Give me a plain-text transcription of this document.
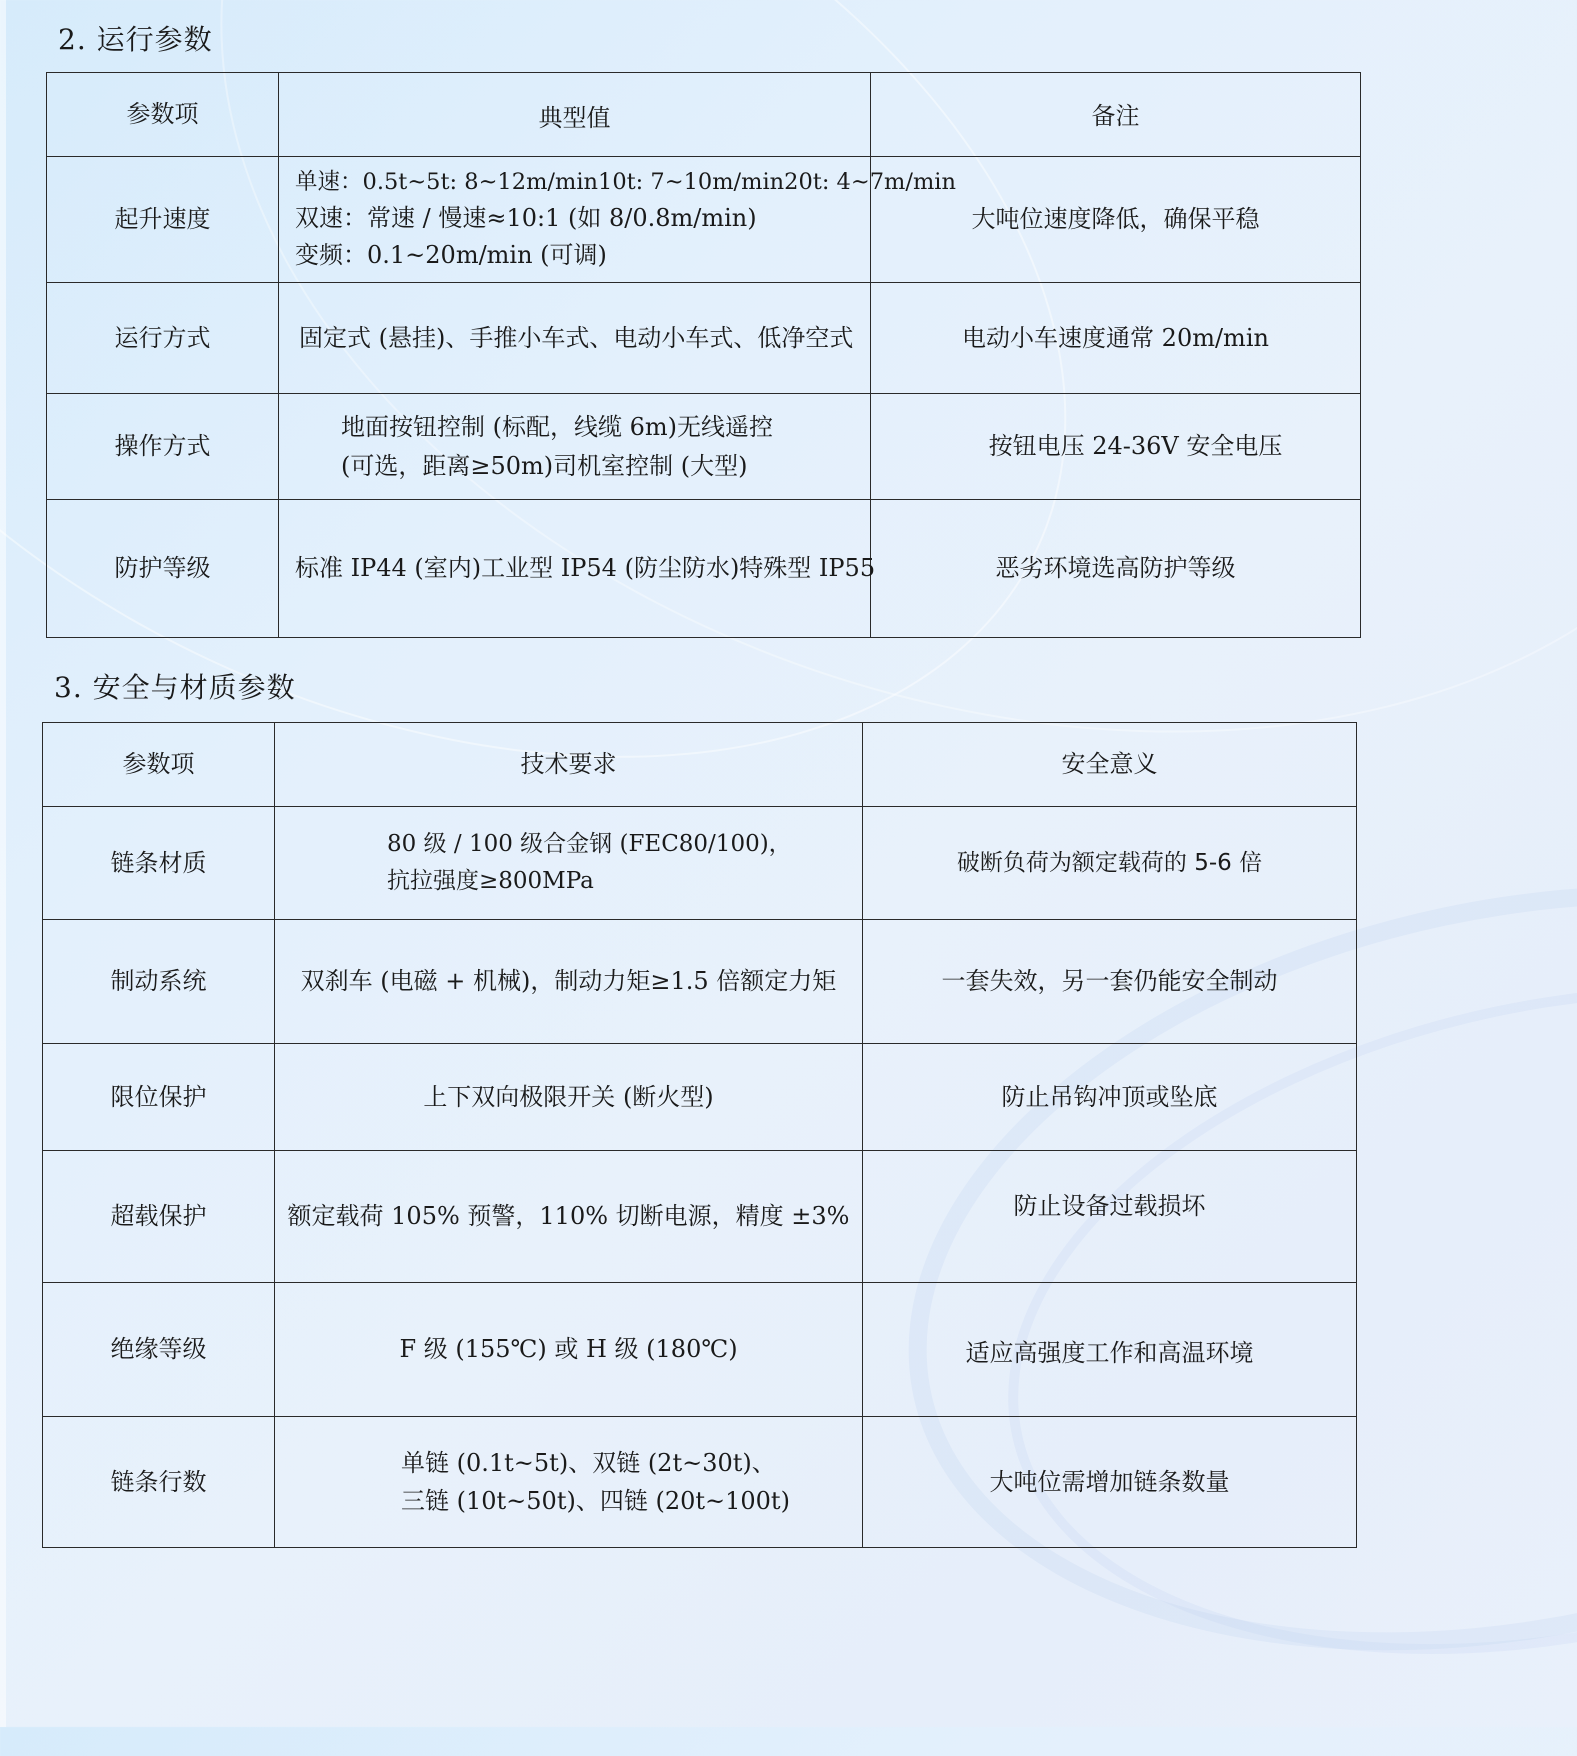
2. 运行参数
参数项	典型值	备注
起升速度	单速：0.5t~5t: 8~12m/min10t: 7~10m/min20t: 4~7m/min
双速：常速 / 慢速≈10:1 (如 8/0.8m/min)
变频：0.1~20m/min (可调)	大吨位速度降低，确保平稳
运行方式	固定式 (悬挂)、手推小车式、电动小车式、低净空式	电动小车速度通常 20m/min
操作方式	地面按钮控制 (标配，线缆 6m)无线遥控
(可选，距离≥50m)司机室控制 (大型)	按钮电压 24-36V 安全电压
防护等级	标准 IP44 (室内)工业型 IP54 (防尘防水)特殊型 IP55	恶劣环境选高防护等级
3. 安全与材质参数
参数项	技术要求	安全意义
链条材质	80 级 / 100 级合金钢 (FEC80/100)，
抗拉强度≥800MPa	破断负荷为额定载荷的 5-6 倍
制动系统	双刹车 (电磁 + 机械)，制动力矩≥1.5 倍额定力矩	一套失效，另一套仍能安全制动
限位保护	上下双向极限开关 (断火型)	防止吊钩冲顶或坠底
超载保护	额定载荷 105% 预警，110% 切断电源，精度 ±3%	防止设备过载损坏
绝缘等级	F 级 (155℃) 或 H 级 (180℃)	适应高强度工作和高温环境
链条行数	单链 (0.1t~5t)、双链 (2t~30t)、
三链 (10t~50t)、四链 (20t~100t)	大吨位需增加链条数量
